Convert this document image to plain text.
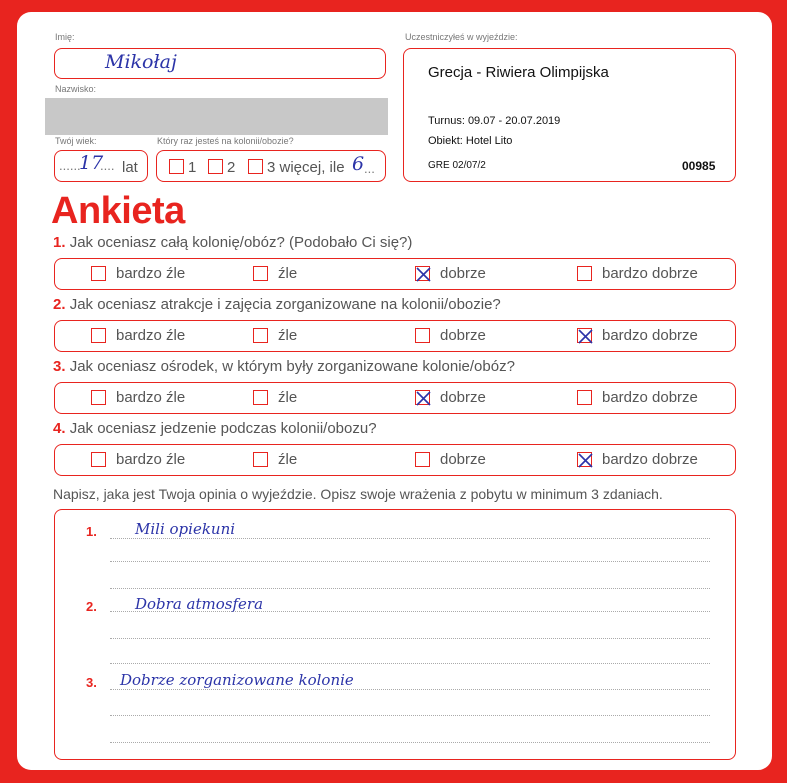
Imię:
Mikołaj
Nazwisko:
Twój wiek:
......
17
.... lat
Który raz jesteś na kolonii/obozie?
1 2 3 więcej, ile 6 ...
Uczestniczyłeś w wyjeździe:
Grecja - Riwiera Olimpijska
Turnus: 09.07 - 20.07.2019
Obiekt: Hotel Lito
GRE 02/07/2	00985
Ankieta
1. Jak oceniasz całą kolonię/obóz? (Podobało Ci się?)
bardzo źle	źle	dobrze	bardzo dobrze
2. Jak oceniasz atrakcje i zajęcia zorganizowane na kolonii/obozie?
bardzo źle	źle	dobrze	bardzo dobrze
3. Jak oceniasz ośrodek, w którym były zorganizowane kolonie/obóz?
bardzo źle	źle	dobrze	bardzo dobrze
4. Jak oceniasz jedzenie podczas kolonii/obozu?
bardzo źle	źle	dobrze	bardzo dobrze
Napisz, jaka jest Twoja opinia o wyjeździe. Opisz swoje wrażenia z pobytu w minimum 3 zdaniach.
1.	Mili opiekuni
2.	Dobra atmosfera
3. Dobrze zorganizowane kolonie
